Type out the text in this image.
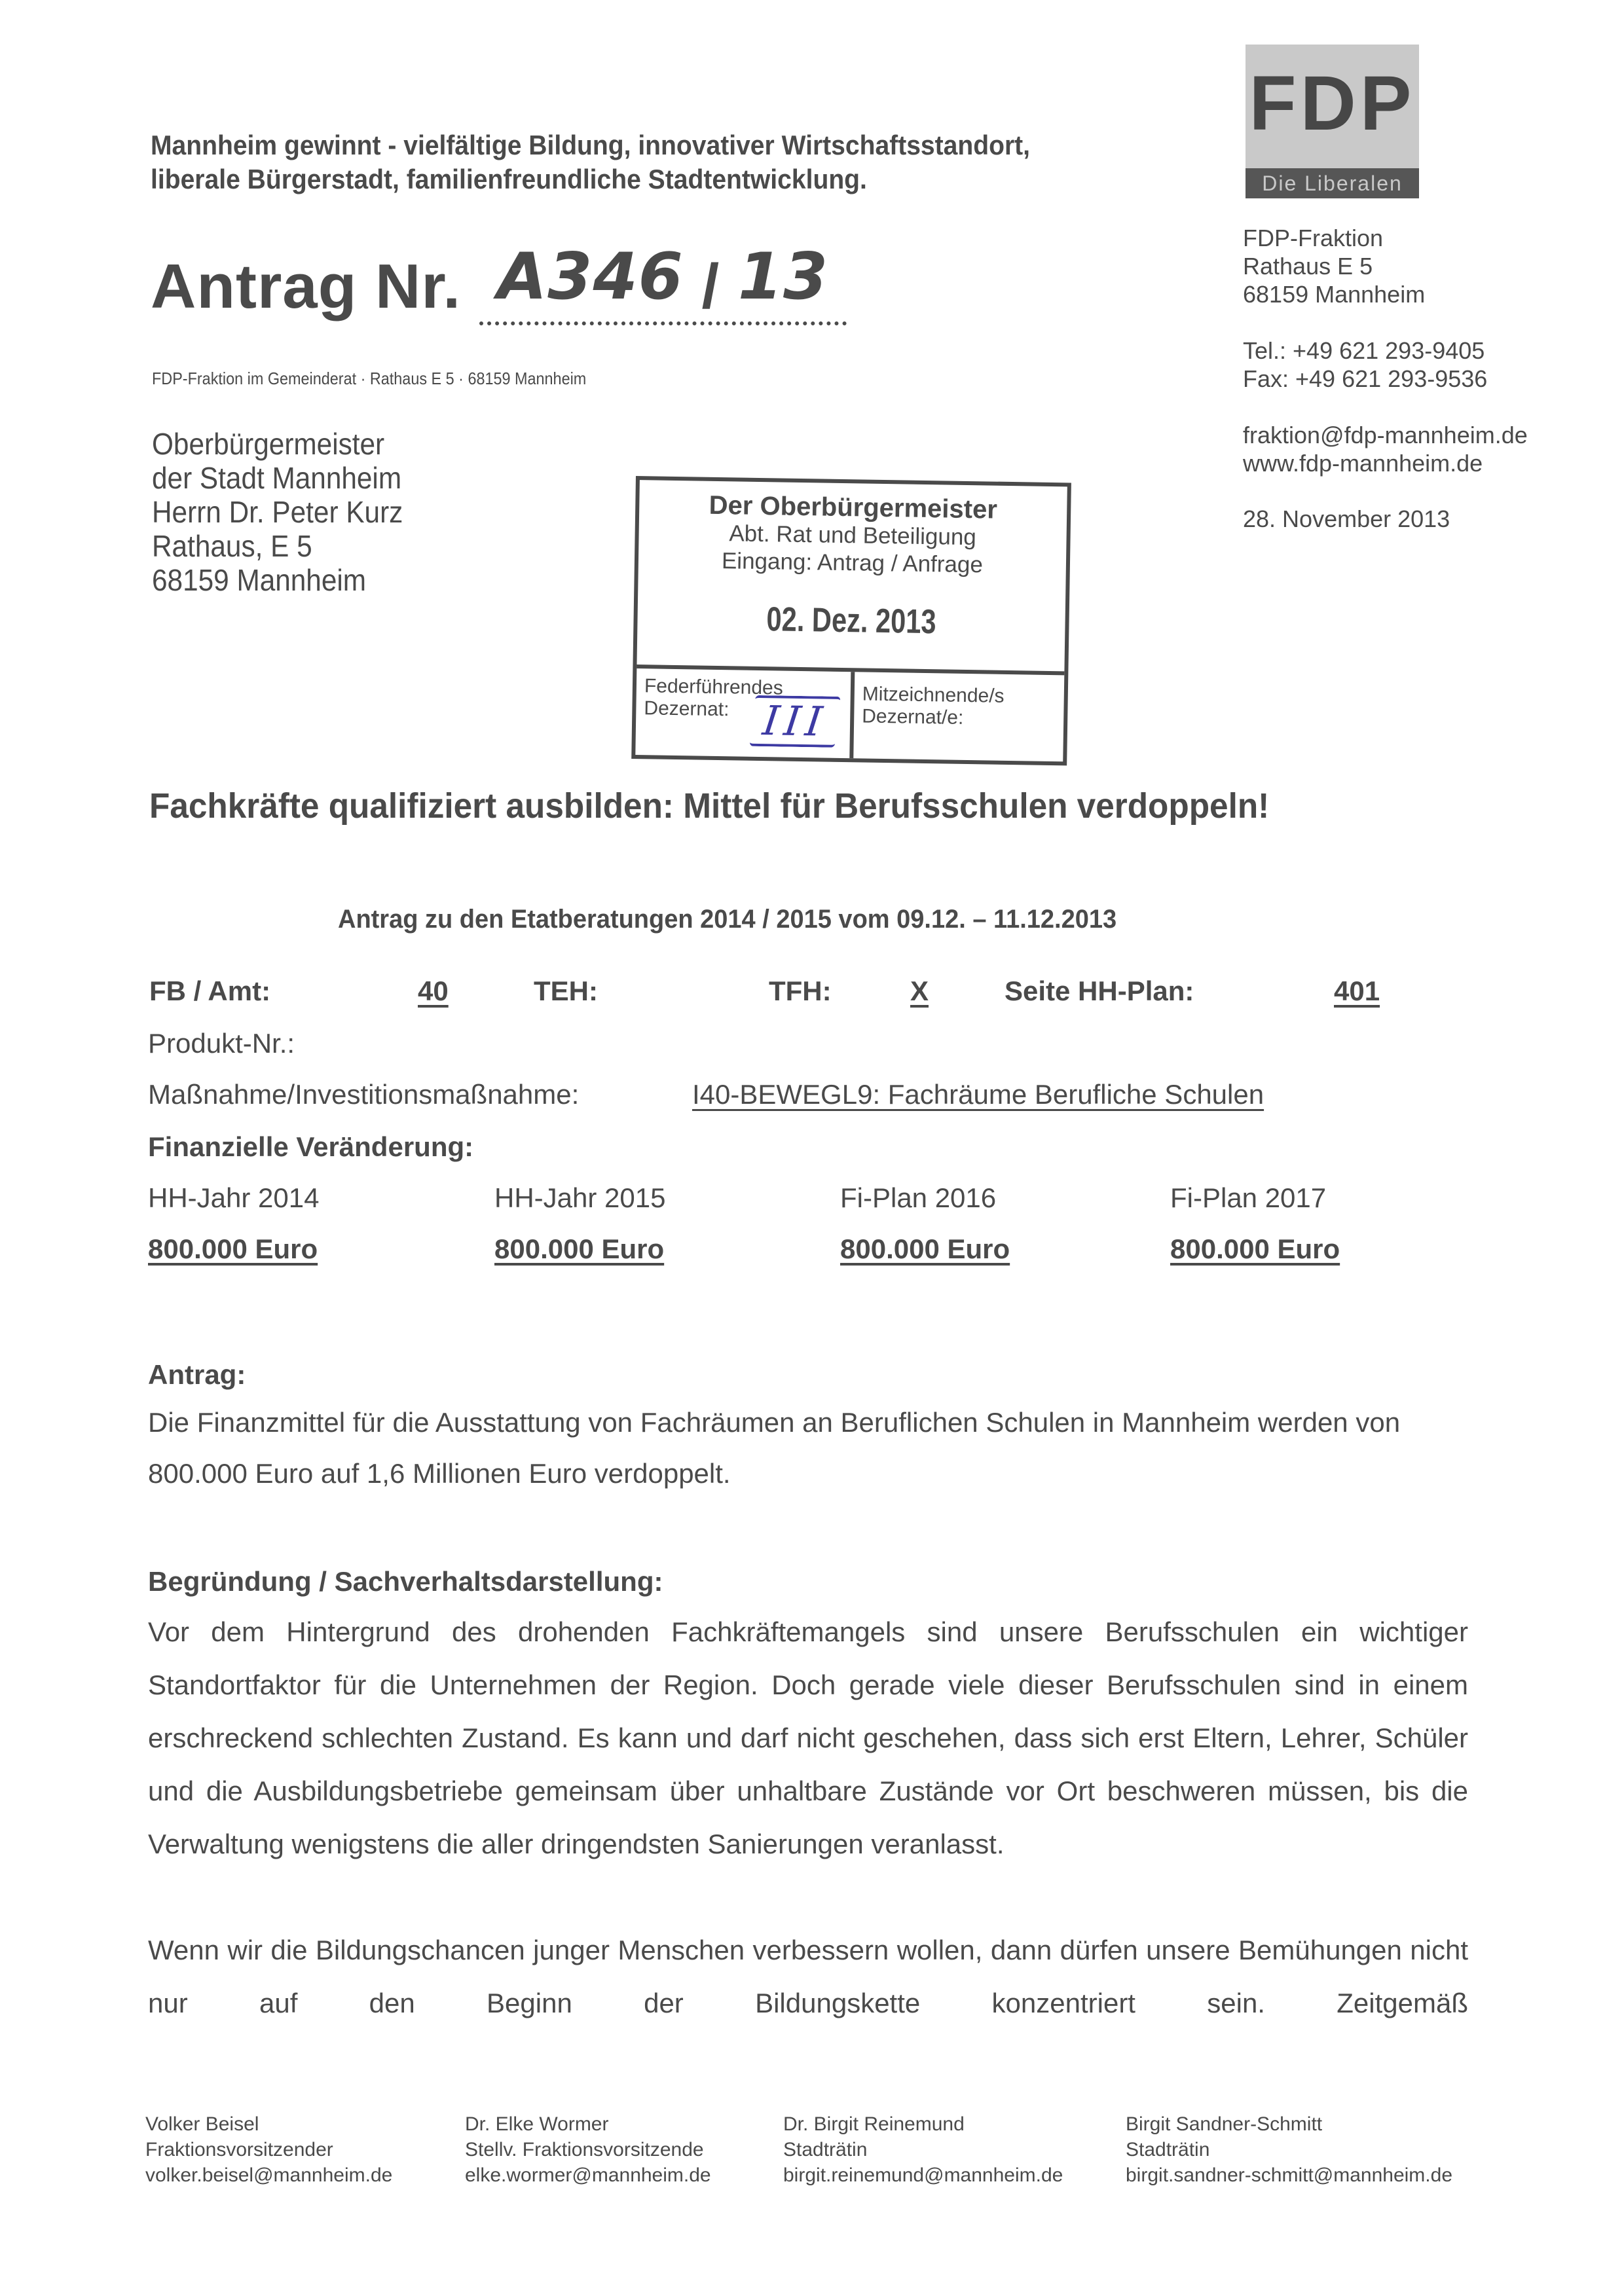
Mannheim gewinnt - vielfältige Bildung, innovativer Wirtschaftsstandort,
liberale Bürgerstadt, familienfreundliche Stadtentwicklung.
Antrag Nr. A346 / 13
FDP-Fraktion im Gemeinderat · Rathaus E 5 · 68159 Mannheim
Oberbürgermeister
der Stadt Mannheim
Herrn Dr. Peter Kurz
Rathaus, E 5
68159 Mannheim
FDP
Die Liberalen
FDP-Fraktion
Rathaus E 5
68159 Mannheim
Tel.: +49 621 293-9405
Fax: +49 621 293-9536
fraktion@fdp-mannheim.de
www.fdp-mannheim.de
28. November 2013
Der Oberbürgermeister
Abt. Rat und Beteiligung
Eingang: Antrag / Anfrage
02. Dez. 2013
Federführendes
Dezernat: III
Mitzeichnende/s
Dezernat/e:
Fachkräfte qualifiziert ausbilden: Mittel für Berufsschulen verdoppeln!
Antrag zu den Etatberatungen 2014 / 2015 vom 09.12. – 11.12.2013
FB / Amt:	40	TEH:	TFH:	X	Seite HH-Plan:	401
Produkt-Nr.:
Maßnahme/Investitionsmaßnahme:	I40-BEWEGL9: Fachräume Berufliche Schulen
Finanzielle Veränderung:
HH-Jahr 2014	HH-Jahr 2015	Fi-Plan 2016	Fi-Plan 2017
800.000 Euro	800.000 Euro	800.000 Euro	800.000 Euro
Antrag:
Die Finanzmittel für die Ausstattung von Fachräumen an Beruflichen Schulen in Mannheim werden von 800.000 Euro auf 1,6 Millionen Euro verdoppelt.
Begründung / Sachverhaltsdarstellung:
Vor dem Hintergrund des drohenden Fachkräftemangels sind unsere Berufsschulen ein wichtiger Standortfaktor für die Unternehmen der Region. Doch gerade viele dieser Berufsschulen sind in einem erschreckend schlechten Zustand. Es kann und darf nicht geschehen, dass sich erst Eltern, Lehrer, Schüler und die Ausbildungsbetriebe gemeinsam über unhaltbare Zustände vor Ort beschweren müssen, bis die Verwaltung wenigstens die aller dringendsten Sanierungen veranlasst.
Wenn wir die Bildungschancen junger Menschen verbessern wollen, dann dürfen unsere Bemühungen nicht nur auf den Beginn der Bildungskette konzentriert sein. Zeitgemäß
Volker Beisel
Fraktionsvorsitzender
volker.beisel@mannheim.de
Dr. Elke Wormer
Stellv. Fraktionsvorsitzende
elke.wormer@mannheim.de
Dr. Birgit Reinemund
Stadträtin
birgit.reinemund@mannheim.de
Birgit Sandner-Schmitt
Stadträtin
birgit.sandner-schmitt@mannheim.de
